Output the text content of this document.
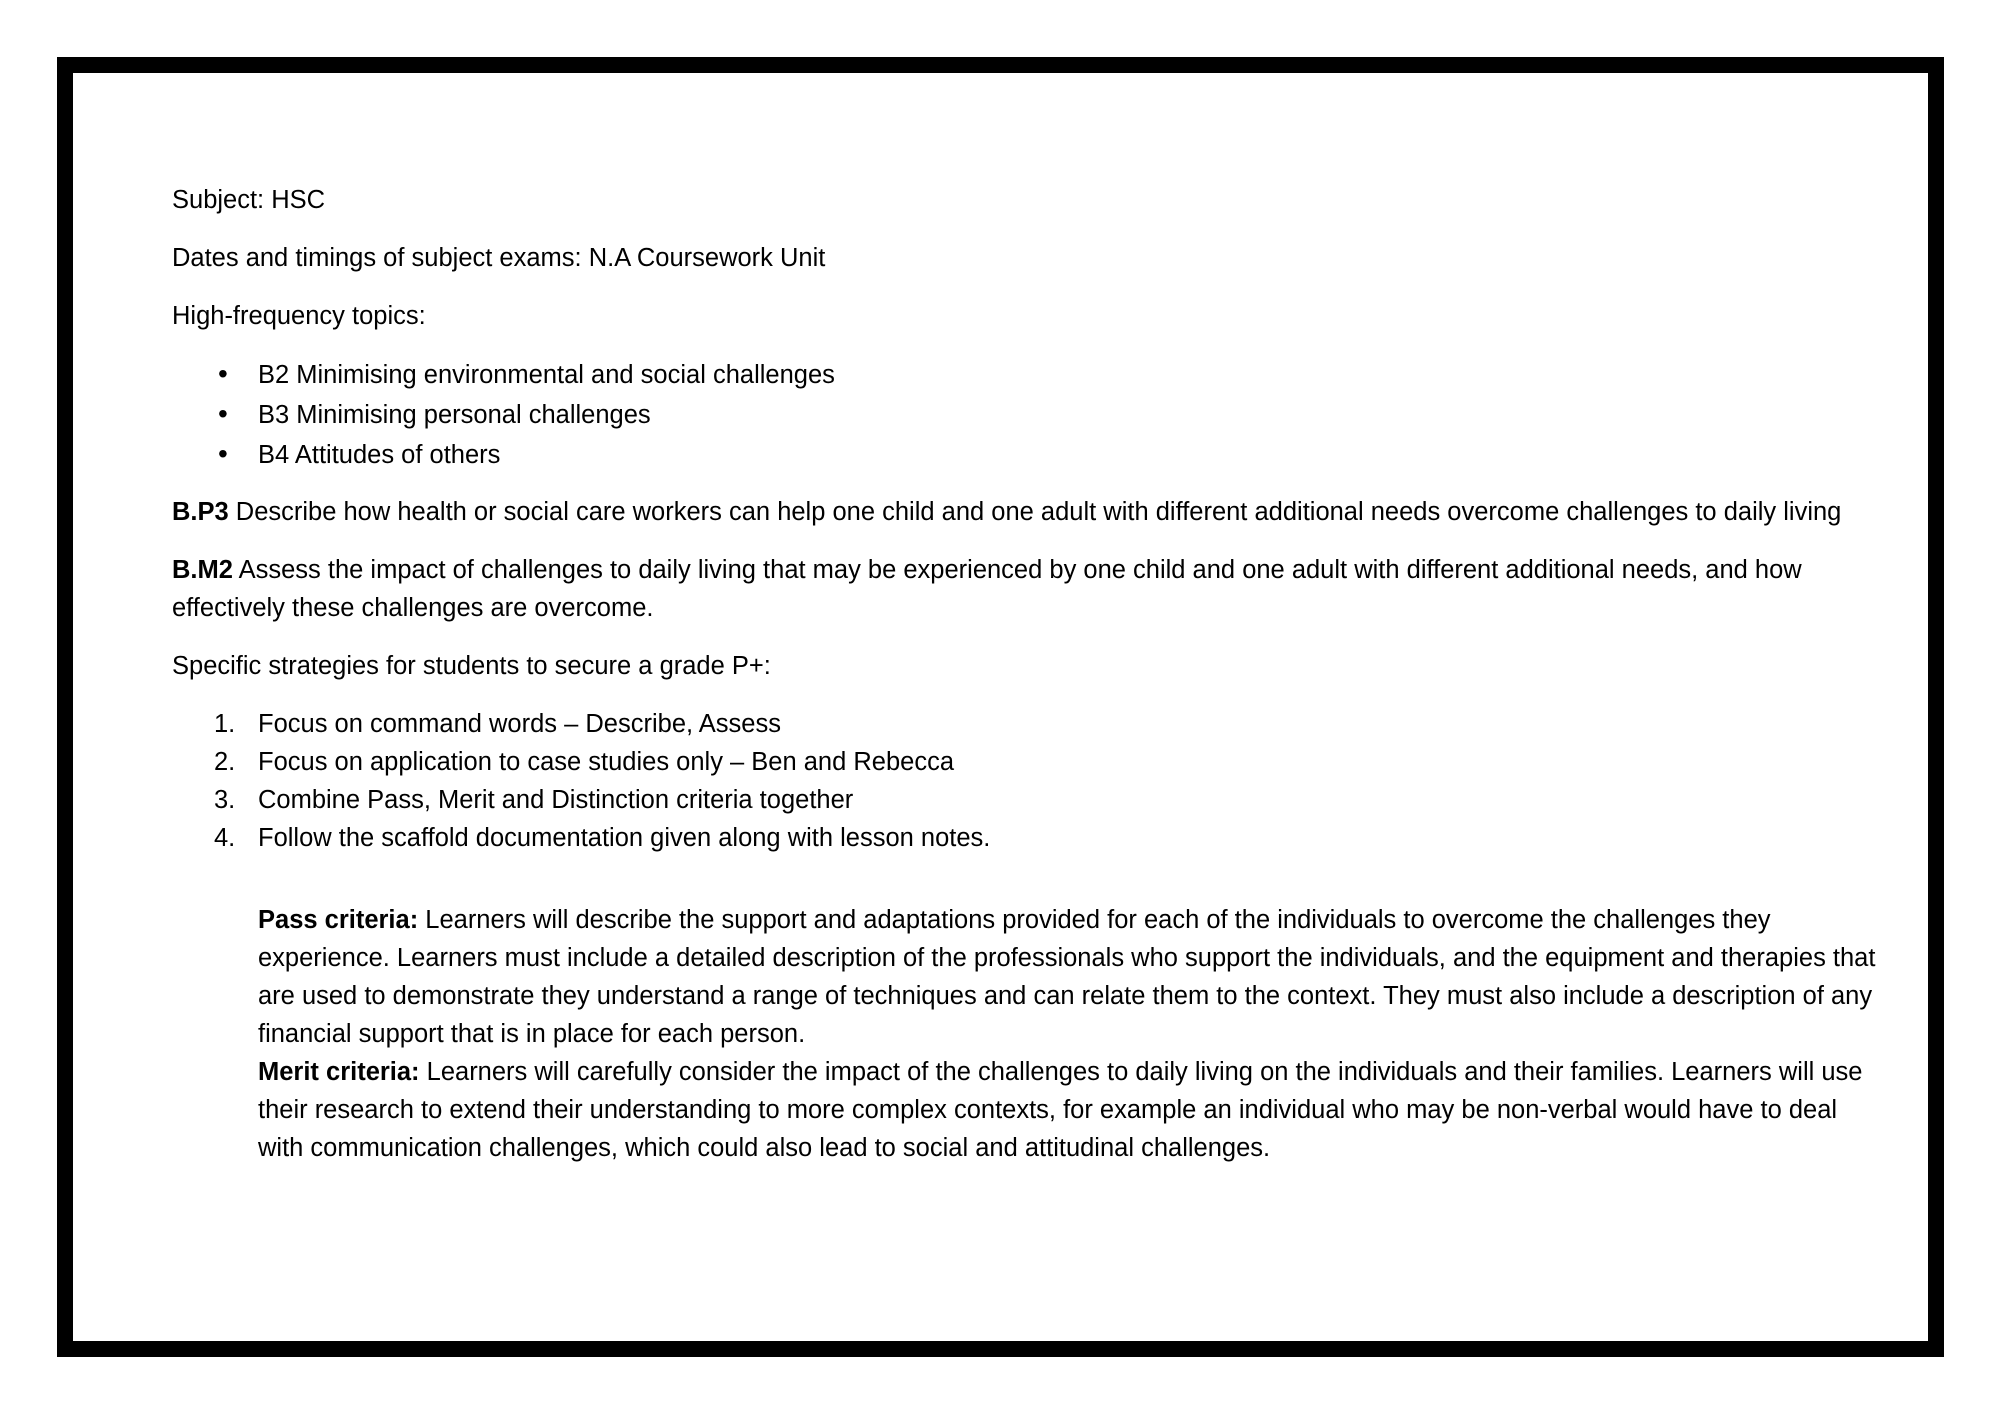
Subject: HSC

Dates and timings of subject exams: N.A Coursework Unit

High-frequency topics:

• B2 Minimising environmental and social challenges
• B3 Minimising personal challenges
• B4 Attitudes of others

B.P3 Describe how health or social care workers can help one child and one adult with different additional needs overcome challenges to daily living

B.M2 Assess the impact of challenges to daily living that may be experienced by one child and one adult with different additional needs, and how effectively these challenges are overcome.

Specific strategies for students to secure a grade P+:

1. Focus on command words – Describe, Assess
2. Focus on application to case studies only – Ben and Rebecca
3. Combine Pass, Merit and Distinction criteria together
4. Follow the scaffold documentation given along with lesson notes.

Pass criteria: Learners will describe the support and adaptations provided for each of the individuals to overcome the challenges they experience. Learners must include a detailed description of the professionals who support the individuals, and the equipment and therapies that are used to demonstrate they understand a range of techniques and can relate them to the context. They must also include a description of any financial support that is in place for each person.

Merit criteria: Learners will carefully consider the impact of the challenges to daily living on the individuals and their families. Learners will use their research to extend their understanding to more complex contexts, for example an individual who may be non-verbal would have to deal with communication challenges, which could also lead to social and attitudinal challenges.
